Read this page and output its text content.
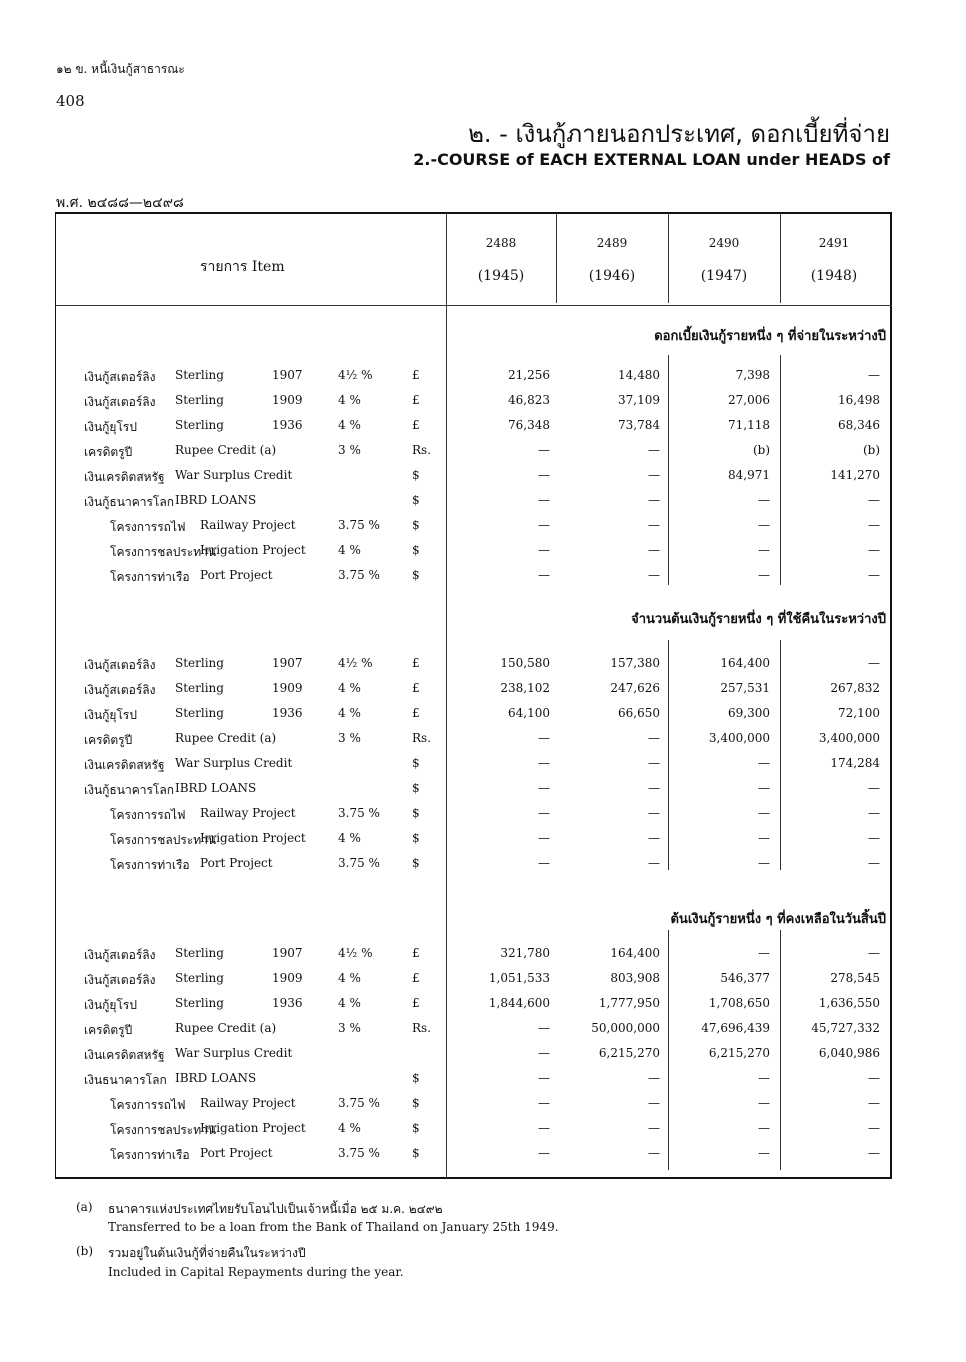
๑๒ ข. หนี้เงินกู้สาธารณะ
408
๒. - เงินกู้ภายนอกประเทศ, ดอกเบี้ยที่จ่าย
2.-COURSE of EACH EXTERNAL LOAN under HEADS of
พ.ศ. ๒๔๘๘—๒๔๙๘
รายการ Item
2488
(1945)
2489
(1946)
2490
(1947)
2491
(1948)
ดอกเบี้ยเงินกู้รายหนึ่ง ๆ ที่จ่ายในระหว่างปี
จำนวนต้นเงินกู้รายหนึ่ง ๆ ที่ใช้คืนในระหว่างปี
ต้นเงินกู้รายหนึ่ง ๆ ที่คงเหลือในวันสิ้นปี
เงินกู้สเตอร์ลิง Sterling	1907	4½ %	£	21,256	14,480	7,398	—
เงินกู้สเตอร์ลิง Sterling	1909	4 %	£	46,823	37,109	27,006	16,498
เงินกู้ยุโรป	Sterling	1936	4 %	£	76,348	73,784	71,118	68,346
เครดิตรูปี	Rupee Credit (a)	3 %	Rs.	—	—	(b)	(b)
เงินเครดิตสหรัฐ War Surplus Credit	$	—	—	84,971	141,270
เงินกู้ธนาคารโลก IBRD LOANS	$	—	—	—	—
โครงการรถไฟ Railway Project	3.75 %	$	—	—	—	—
โครงการชลประทาน
Irrigation Project	4 %	$	—	—	—	—
โครงการท่าเรือ Port Project	3.75 %	$	—	—	—	—
เงินกู้สเตอร์ลิง Sterling	1907	4½ %	£	150,580	157,380	164,400	—
เงินกู้สเตอร์ลิง Sterling	1909	4 %	£	238,102	247,626	257,531	267,832
เงินกู้ยุโรป	Sterling	1936	4 %	£	64,100	66,650	69,300	72,100
เครดิตรูปี	Rupee Credit (a)	3 %	Rs.	—	—	3,400,000	3,400,000
เงินเครดิตสหรัฐ War Surplus Credit	$	—	—	—	174,284
เงินกู้ธนาคารโลก IBRD LOANS	$	—	—	—	—
โครงการรถไฟ Railway Project	3.75 %	$	—	—	—	—
โครงการชลประทาน
Irrigation Project	4 %	$	—	—	—	—
โครงการท่าเรือ Port Project	3.75 %	$	—	—	—	—
เงินกู้สเตอร์ลิง Sterling	1907	4½ %	£	321,780	164,400	—	—
เงินกู้สเตอร์ลิง Sterling	1909	4 %	£	1,051,533	803,908	546,377	278,545
เงินกู้ยุโรป	Sterling	1936	4 %	£	1,844,600	1,777,950	1,708,650	1,636,550
เครดิตรูปี	Rupee Credit (a)	3 %	Rs.	—	50,000,000	47,696,439	45,727,332
เงินเครดิตสหรัฐ War Surplus Credit	—	6,215,270	6,215,270	6,040,986
เงินธนาคารโลก IBRD LOANS	$	—	—	—	—
โครงการรถไฟ Railway Project	3.75 %	$	—	—	—	—
โครงการชลประทาน
Irrigation Project	4 %	$	—	—	—	—
โครงการท่าเรือ Port Project	3.75 %	$	—	—	—	—
(a) ธนาคารแห่งประเทศไทยรับโอนไปเป็นเจ้าหนี้เมื่อ ๒๕ ม.ค. ๒๔๙๒
Transferred to be a loan from the Bank of Thailand on January 25th 1949.
(b) รวมอยู่ในต้นเงินกู้ที่จ่ายคืนในระหว่างปี
Included in Capital Repayments during the year.
